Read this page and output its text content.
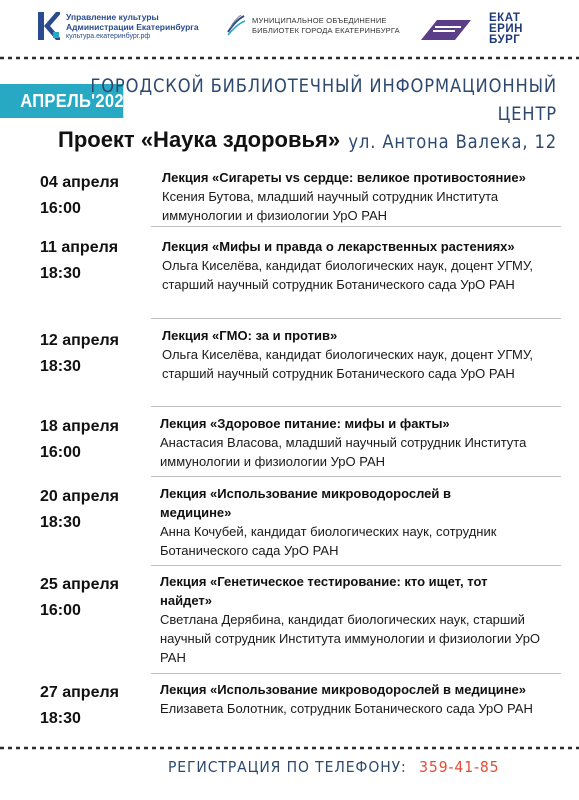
Управление культуры
Администрации Екатеринбурга
культура.екатеринбург.рф
МУНИЦИПАЛЬНОЕ ОБЪЕДИНЕНИЕ
БИБЛИОТЕК ГОРОДА ЕКАТЕРИНБУРГА
ЕКАТ
ЕРИН
БУРГ
АПРЕЛЬ'2021
ГОРОДСКОЙ БИБЛИОТЕЧНЫЙ ИНФОРМАЦИОННЫЙ ЦЕНТР
ул. Антона Валека, 12
Проект «Наука здоровья»
04 апреля
16:00
Лекция «Сигареты vs сердце: великое противостояние»
Ксения Бутова, младший научный сотрудник Института иммунологии и физиологии УрО РАН
11 апреля
18:30
Лекция «Мифы и правда о лекарственных растениях»
Ольга Киселёва, кандидат биологических наук, доцент УГМУ, старший научный сотрудник Ботанического сада УрО РАН
12 апреля
18:30
Лекция «ГМО: за и против»
Ольга Киселёва, кандидат биологических наук, доцент УГМУ, старший научный сотрудник Ботанического сада УрО РАН
18 апреля
16:00
Лекция «Здоровое питание: мифы и факты»
Анастасия Власова, младший научный сотрудник Института иммунологии и физиологии УрО РАН
20 апреля
18:30
Лекция «Использование микроводорослей в медицине»
Анна Кочубей, кандидат биологических наук, сотрудник Ботанического сада УрО РАН
25 апреля
16:00
Лекция «Генетическое тестирование: кто ищет, тот найдет»
Светлана Дерябина, кандидат биологических наук, старший научный сотрудник Института иммунологии и физиологии УрО РАН
27 апреля
18:30
Лекция «Использование микроводорослей в медицине»
Елизавета Болотник, сотрудник Ботанического сада УрО РАН
РЕГИСТРАЦИЯ ПО ТЕЛЕФОНУ: 359-41-85
